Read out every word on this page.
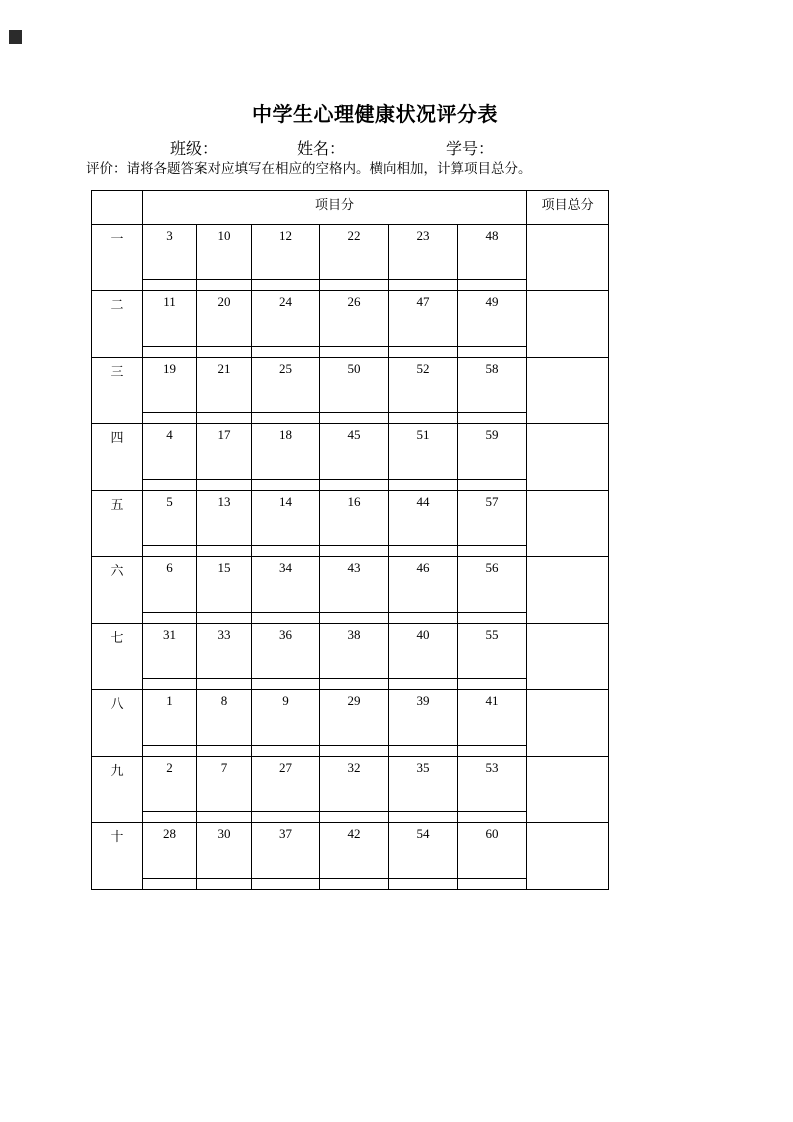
中学生心理健康状况评分表
班级：	姓名：	学号：
评价：请将各题答案对应填写在相应的空格内。横向相加，计算项目总分。
	项目分						项目总分
一	3	10	12	22	23	48	

二	11	20	24	26	47	49	

三	19	21	25	50	52	58	

四	4	17	18	45	51	59	

五	5	13	14	16	44	57	

六	6	15	34	43	46	56	

七	31	33	36	38	40	55	

八	1	8	9	29	39	41	

九	2	7	27	32	35	53	

十	28	30	37	42	54	60	
